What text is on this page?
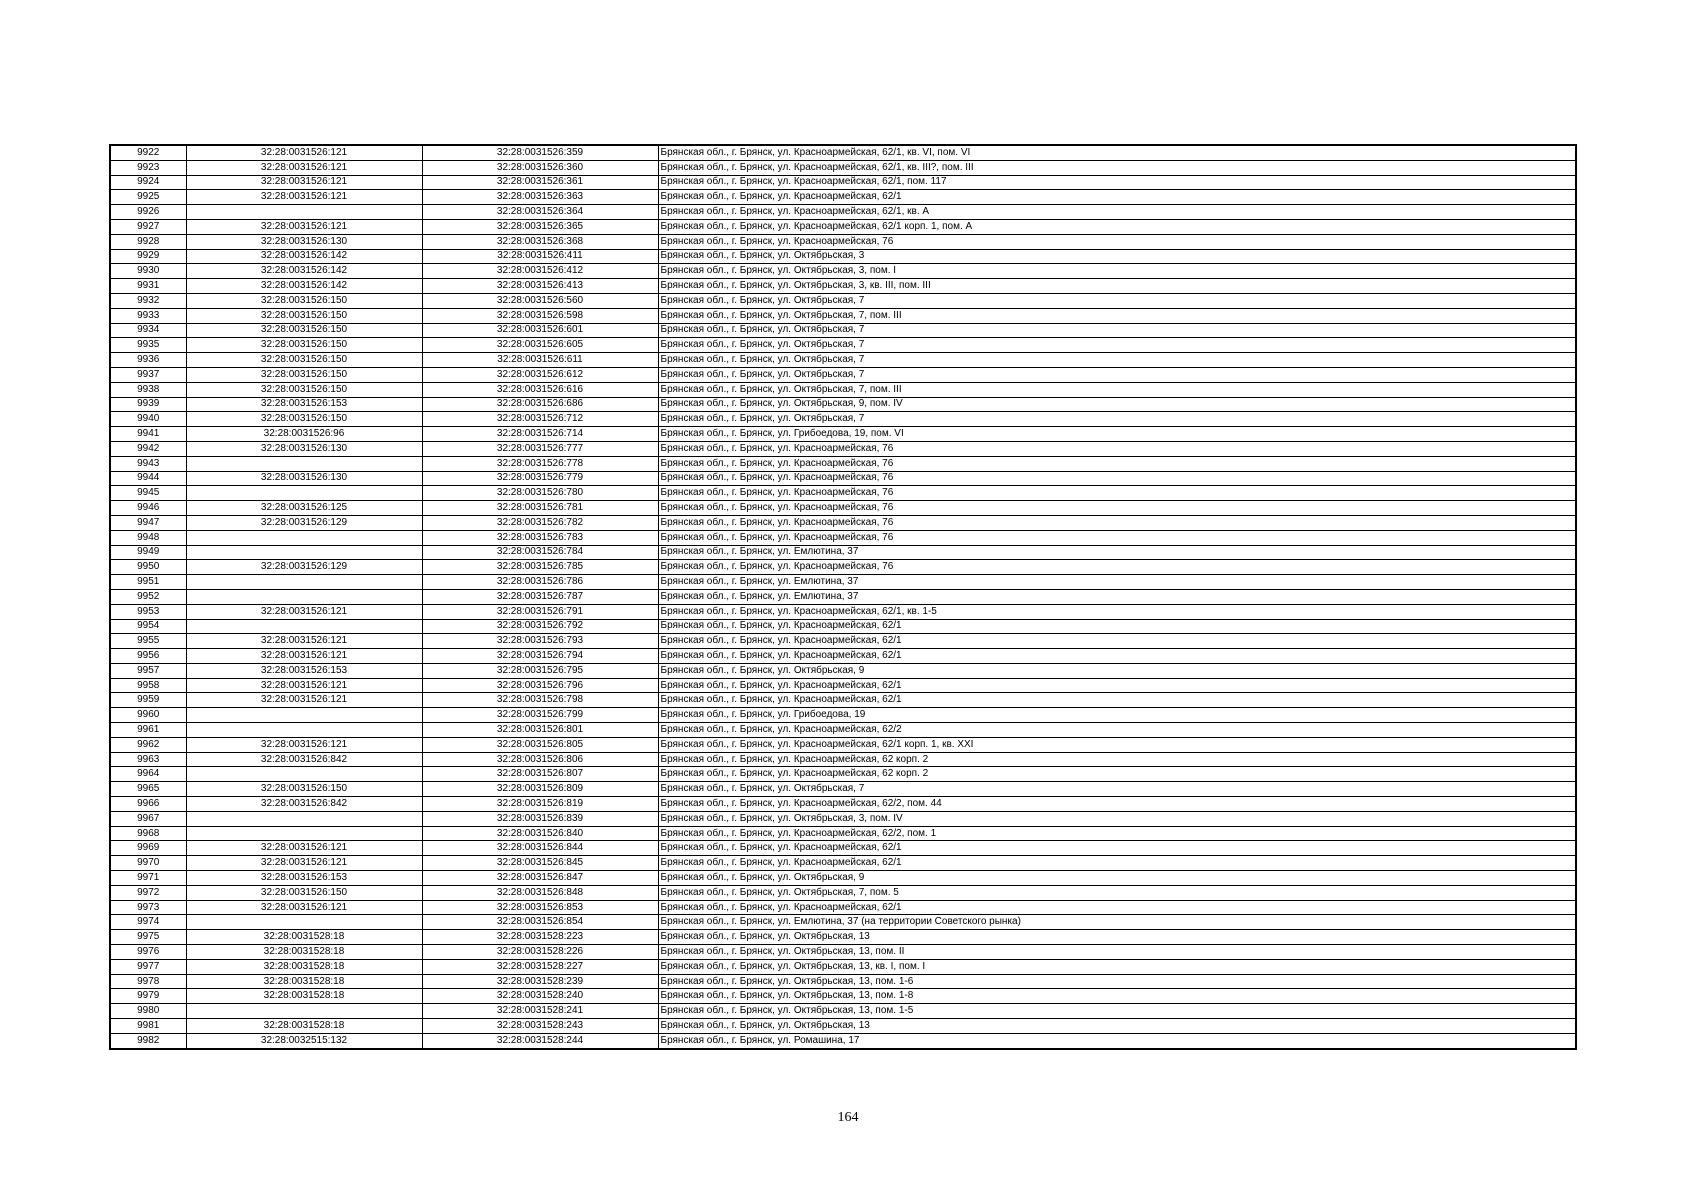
9922	32:28:0031526:121	32:28:0031526:359	Брянская обл., г. Брянск, ул. Красноармейская, 62/1, кв. VI, пом. VI
9923	32:28:0031526:121	32:28:0031526:360	Брянская обл., г. Брянск, ул. Красноармейская, 62/1, кв. III?, пом. III
9924	32:28:0031526:121	32:28:0031526:361	Брянская обл., г. Брянск, ул. Красноармейская, 62/1, пом. 117
9925	32:28:0031526:121	32:28:0031526:363	Брянская обл., г. Брянск, ул. Красноармейская, 62/1
9926		32:28:0031526:364	Брянская обл., г. Брянск, ул. Красноармейская, 62/1, кв. А
9927	32:28:0031526:121	32:28:0031526:365	Брянская обл., г. Брянск, ул. Красноармейская, 62/1 корп. 1, пом. А
9928	32:28:0031526:130	32:28:0031526:368	Брянская обл., г. Брянск, ул. Красноармейская, 76
9929	32:28:0031526:142	32:28:0031526:411	Брянская обл., г. Брянск, ул. Октябрьская, 3
9930	32:28:0031526:142	32:28:0031526:412	Брянская обл., г. Брянск, ул. Октябрьская, 3, пом. I
9931	32:28:0031526:142	32:28:0031526:413	Брянская обл., г. Брянск, ул. Октябрьская, 3, кв. III, пом. III
9932	32:28:0031526:150	32:28:0031526:560	Брянская обл., г. Брянск, ул. Октябрьская, 7
9933	32:28:0031526:150	32:28:0031526:598	Брянская обл., г. Брянск, ул. Октябрьская, 7, пом. III
9934	32:28:0031526:150	32:28:0031526:601	Брянская обл., г. Брянск, ул. Октябрьская, 7
9935	32:28:0031526:150	32:28:0031526:605	Брянская обл., г. Брянск, ул. Октябрьская, 7
9936	32:28:0031526:150	32:28:0031526:611	Брянская обл., г. Брянск, ул. Октябрьская, 7
9937	32:28:0031526:150	32:28:0031526:612	Брянская обл., г. Брянск, ул. Октябрьская, 7
9938	32:28:0031526:150	32:28:0031526:616	Брянская обл., г. Брянск, ул. Октябрьская, 7, пом. III
9939	32:28:0031526:153	32:28:0031526:686	Брянская обл., г. Брянск, ул. Октябрьская, 9, пом. IV
9940	32:28:0031526:150	32:28:0031526:712	Брянская обл., г. Брянск, ул. Октябрьская, 7
9941	32:28:0031526:96	32:28:0031526:714	Брянская обл., г. Брянск, ул. Грибоедова, 19, пом. VI
9942	32:28:0031526:130	32:28:0031526:777	Брянская обл., г. Брянск, ул. Красноармейская, 76
9943		32:28:0031526:778	Брянская обл., г. Брянск, ул. Красноармейская, 76
9944	32:28:0031526:130	32:28:0031526:779	Брянская обл., г. Брянск, ул. Красноармейская, 76
9945		32:28:0031526:780	Брянская обл., г. Брянск, ул. Красноармейская, 76
9946	32:28:0031526:125	32:28:0031526:781	Брянская обл., г. Брянск, ул. Красноармейская, 76
9947	32:28:0031526:129	32:28:0031526:782	Брянская обл., г. Брянск, ул. Красноармейская, 76
9948		32:28:0031526:783	Брянская обл., г. Брянск, ул. Красноармейская, 76
9949		32:28:0031526:784	Брянская обл., г. Брянск, ул. Емлютина, 37
9950	32:28:0031526:129	32:28:0031526:785	Брянская обл., г. Брянск, ул. Красноармейская, 76
9951		32:28:0031526:786	Брянская обл., г. Брянск, ул. Емлютина, 37
9952		32:28:0031526:787	Брянская обл., г. Брянск, ул. Емлютина, 37
9953	32:28:0031526:121	32:28:0031526:791	Брянская обл., г. Брянск, ул. Красноармейская, 62/1, кв. 1-5
9954		32:28:0031526:792	Брянская обл., г. Брянск, ул. Красноармейская, 62/1
9955	32:28:0031526:121	32:28:0031526:793	Брянская обл., г. Брянск, ул. Красноармейская, 62/1
9956	32:28:0031526:121	32:28:0031526:794	Брянская обл., г. Брянск, ул. Красноармейская, 62/1
9957	32:28:0031526:153	32:28:0031526:795	Брянская обл., г. Брянск, ул. Октябрьская, 9
9958	32:28:0031526:121	32:28:0031526:796	Брянская обл., г. Брянск, ул. Красноармейская, 62/1
9959	32:28:0031526:121	32:28:0031526:798	Брянская обл., г. Брянск, ул. Красноармейская, 62/1
9960		32:28:0031526:799	Брянская обл., г. Брянск, ул. Грибоедова, 19
9961		32:28:0031526:801	Брянская обл., г. Брянск, ул. Красноармейская, 62/2
9962	32:28:0031526:121	32:28:0031526:805	Брянская обл., г. Брянск, ул. Красноармейская, 62/1 корп. 1, кв. XXI
9963	32:28:0031526:842	32:28:0031526:806	Брянская обл., г. Брянск, ул. Красноармейская, 62 корп. 2
9964		32:28:0031526:807	Брянская обл., г. Брянск, ул. Красноармейская, 62 корп. 2
9965	32:28:0031526:150	32:28:0031526:809	Брянская обл., г. Брянск, ул. Октябрьская, 7
9966	32:28:0031526:842	32:28:0031526:819	Брянская обл., г. Брянск, ул. Красноармейская, 62/2, пом. 44
9967		32:28:0031526:839	Брянская обл., г. Брянск, ул. Октябрьская, 3, пом. IV
9968		32:28:0031526:840	Брянская обл., г. Брянск, ул. Красноармейская, 62/2, пом. 1
9969	32:28:0031526:121	32:28:0031526:844	Брянская обл., г. Брянск, ул. Красноармейская, 62/1
9970	32:28:0031526:121	32:28:0031526:845	Брянская обл., г. Брянск, ул. Красноармейская, 62/1
9971	32:28:0031526:153	32:28:0031526:847	Брянская обл., г. Брянск, ул. Октябрьская, 9
9972	32:28:0031526:150	32:28:0031526:848	Брянская обл., г. Брянск, ул. Октябрьская, 7, пом. 5
9973	32:28:0031526:121	32:28:0031526:853	Брянская обл., г. Брянск, ул. Красноармейская, 62/1
9974		32:28:0031526:854	Брянская обл., г. Брянск, ул. Емлютина, 37 (на территории Советского рынка)
9975	32:28:0031528:18	32:28:0031528:223	Брянская обл., г. Брянск, ул. Октябрьская, 13
9976	32:28:0031528:18	32:28:0031528:226	Брянская обл., г. Брянск, ул. Октябрьская, 13, пом. II
9977	32:28:0031528:18	32:28:0031528:227	Брянская обл., г. Брянск, ул. Октябрьская, 13, кв. I, пом. I
9978	32:28:0031528:18	32:28:0031528:239	Брянская обл., г. Брянск, ул. Октябрьская, 13, пом. 1-6
9979	32:28:0031528:18	32:28:0031528:240	Брянская обл., г. Брянск, ул. Октябрьская, 13, пом. 1-8
9980		32:28:0031528:241	Брянская обл., г. Брянск, ул. Октябрьская, 13, пом. 1-5
9981	32:28:0031528:18	32:28:0031528:243	Брянская обл., г. Брянск, ул. Октябрьская, 13
9982	32:28:0032515:132	32:28:0031528:244	Брянская обл., г. Брянск, ул. Ромашина, 17
164
